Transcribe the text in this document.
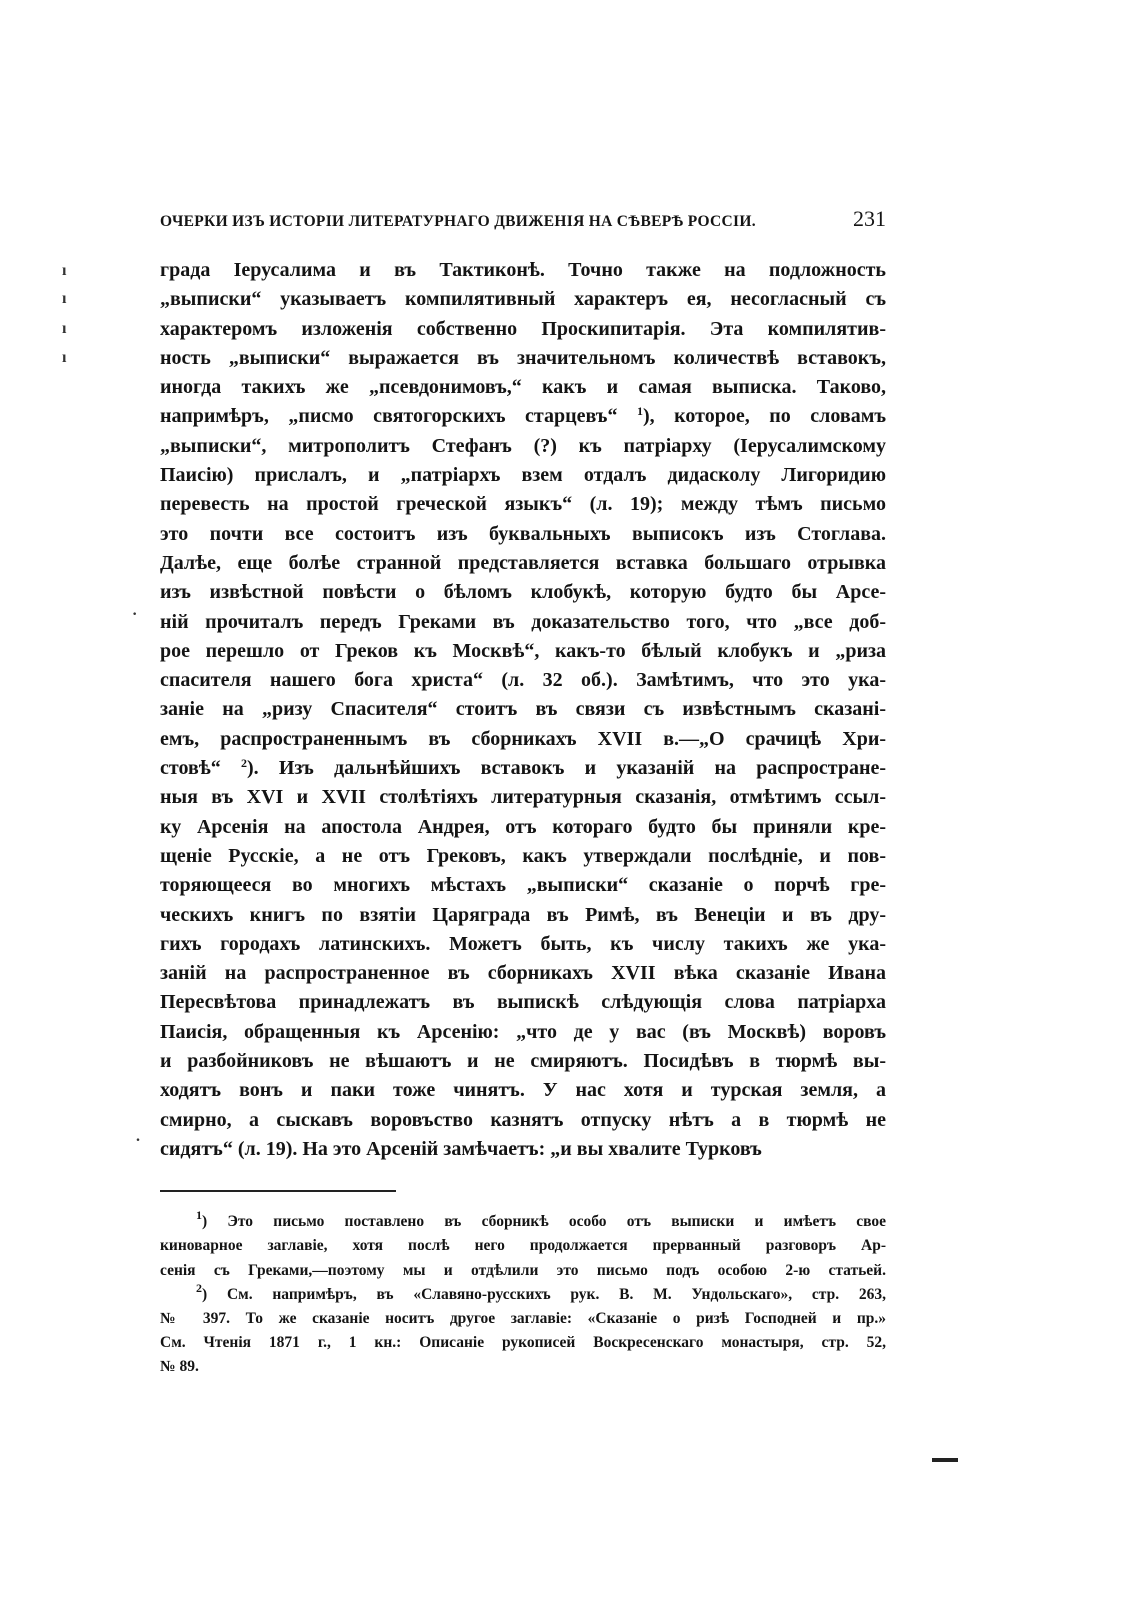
ОЧЕРКИ ИЗЪ ИСТОРІИ ЛИТЕРАТУРНАГО ДВИЖЕНІЯ НА СѢВЕРѢ РОССІИ.	231
града Іерусалима и въ Тактиконѣ. Точно также на подложность
„выписки“ указываетъ компилятивный характеръ ея, несогласный съ
характеромъ изложенія собственно Проскипитарія. Эта компилятив-
ность „выписки“ выражается въ значительномъ количествѣ вставокъ,
иногда такихъ же „псевдонимовъ,“ какъ и самая выписка. Таково,
напримѣръ, „писмо святогорскихъ старцевъ“ $^1$), которое, по словамъ
„выписки“, митрополитъ Стефанъ (?) къ патріарху (Іерусалимскому
Паисію) прислалъ, и „патріархъ взем отдалъ дидасколу Лигоридию
перевесть на простой греческой языкъ“ (л. 19); между тѣмъ письмо
это почти все состоитъ изъ буквальныхъ выписокъ изъ Стоглава.
Далѣе, еще болѣе странной представляется вставка большаго отрывка
изъ извѣстной повѣсти о бѣломъ клобукѣ, которую будто бы Арсе-
ній прочиталъ передъ Греками въ доказательство того, что „все доб-
рое перешло от Греков къ Москвѣ“, какъ-то бѣлый клобукъ и „риза
спасителя нашего бога христа“ (л. 32 об.). Замѣтимъ, что это ука-
заніе на „ризу Спасителя“ стоитъ въ связи съ извѣстнымъ сказані-
емъ, распространеннымъ въ сборникахъ XVII в.—„О срачицѣ Хри-
стовѣ“ $^2$). Изъ дальнѣйшихъ вставокъ и указаній на распростране-
ныя въ XVI и XVII столѣтіяхъ литературныя сказанія, отмѣтимъ ссыл-
ку Арсенія на апостола Андрея, отъ котораго будто бы приняли кре-
щеніе Русскіе, а не отъ Грековъ, какъ утверждали послѣдніе, и пов-
торяющееся во многихъ мѣстахъ „выписки“ сказаніе о порчѣ гре-
ческихъ книгъ по взятіи Царяграда въ Римѣ, въ Венеціи и въ дру-
гихъ городахъ латинскихъ. Можетъ быть, къ числу такихъ же ука-
заній на распространенное въ сборникахъ XVII вѣка сказаніе Ивана
Пересвѣтова принадлежатъ въ выпискѣ слѣдующія слова патріарха
Паисія, обращенныя къ Арсенію: „что де у вас (въ Москвѣ) воровъ
и разбойниковъ не вѣшаютъ и не смиряютъ. Посидѣвъ в тюрмѣ вы-
ходятъ вонъ и паки тоже чинятъ. У нас хотя и турская земля, а
смирно, а сыскавъ воровъство казнятъ отпуску нѣтъ а в тюрмѣ не
сидятъ“ (л. 19). На это Арсеній замѣчаетъ: „и вы хвалите Турковъ
$^1$) Это письмо поставлено въ сборникѣ особо отъ выписки и имѣетъ свое
киноварное заглавіе, хотя послѣ него продолжается прерванный разговоръ Ар-
сенія съ Греками,—поэтому мы и отдѣлили это письмо подъ особою 2-ю статьей.
$^2$) См. напримѣръ, въ «Славяно-русскихъ рук. В. М. Ундольскаго», стр. 263,
№ 397. То же сказаніе носитъ другое заглавіе: «Сказаніе о ризѣ Господней и пр.»
См. Чтенія 1871 г., 1 кн.: Описаніе рукописей Воскресенскаго монастыря, стр. 52,
№ 89.
ı
ı
ı
ı
·
.
